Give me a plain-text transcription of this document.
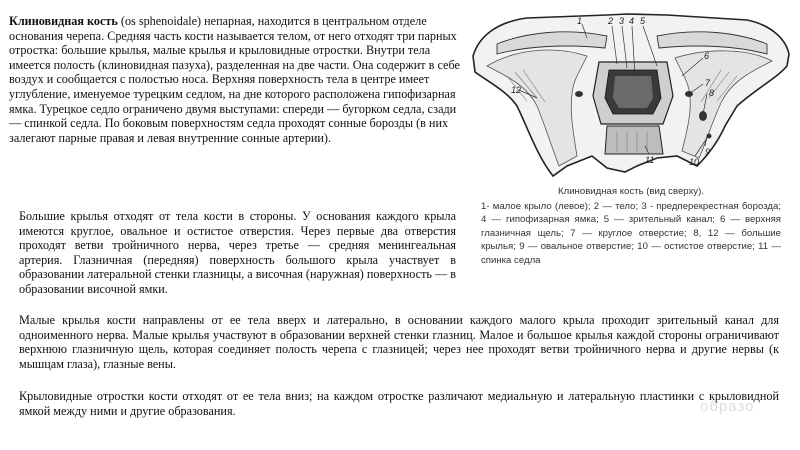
Клиновидная кость (os sphenoidale) непарная, находится в центральном отделе основания черепа. Средняя часть кости называется телом, от него отходят три парных отростка: большие крылья, малые крылья и крыловидные отростки. Внутри тела имеется полость (клиновидная пазуха), разделенная на две части. Она содержит в себе воздух и сообщается с полостью носа. Верхняя поверхность тела в центре имеет углубление, именуемое турецким седлом, на дне которого расположена гипофизарная ямка. Турецкое седло ограничено двумя выступами: спереди — бугорком седла, сзади — спинкой седла. По боковым поверхностям седла проходят сонные борозды (в них залегают парные правая и левая внутренние сонные артерии).

Большие крылья отходят от тела кости в стороны. У основания каждого крыла имеются круглое, овальное и остистое отверстия. Через первые два отверстия проходят ветви тройничного нерва, через третье — средняя менингеальная артерия. Глазничная (передняя) поверхность большого крыла участвует в образовании латеральной стенки глазницы, а височная (наружная) поверхность — в образовании височной ямки.

1	2 3 4 5
6
7
8
9
10
11
12
Клиновидная кость (вид сверху).
1- малое крыло (левое); 2 — тело; 3 - предперекрестная борозда; 4 — гипофизарная ямка; 5 — зрительный канал; 6 — верхняя глазничная щель; 7 — круглое отверстие; 8, 12 — большие крылья; 9 — овальное отверстие; 10 — остистое отверстие; 11 — спинка седла

Малые крылья кости направлены от ее тела вверх и латерально, в основании каждого малого крыла проходит зрительный канал для одноименного нерва. Малые крылья участвуют в образовании верхней стенки глазниц. Малое и большое крылья каждой стороны ограничивают верхнюю глазничную щель, которая соединяет полость черепа с глазницей; через нее проходят ветви тройничного нерва и другие нервы (к мышцам глаза), глазные вены.

Крыловидные отростки кости отходят от ее тела вниз; на каждом отростке различают медиальную и латеральную пластинки с крыловидной ямкой между ними и другие образования.	образо
